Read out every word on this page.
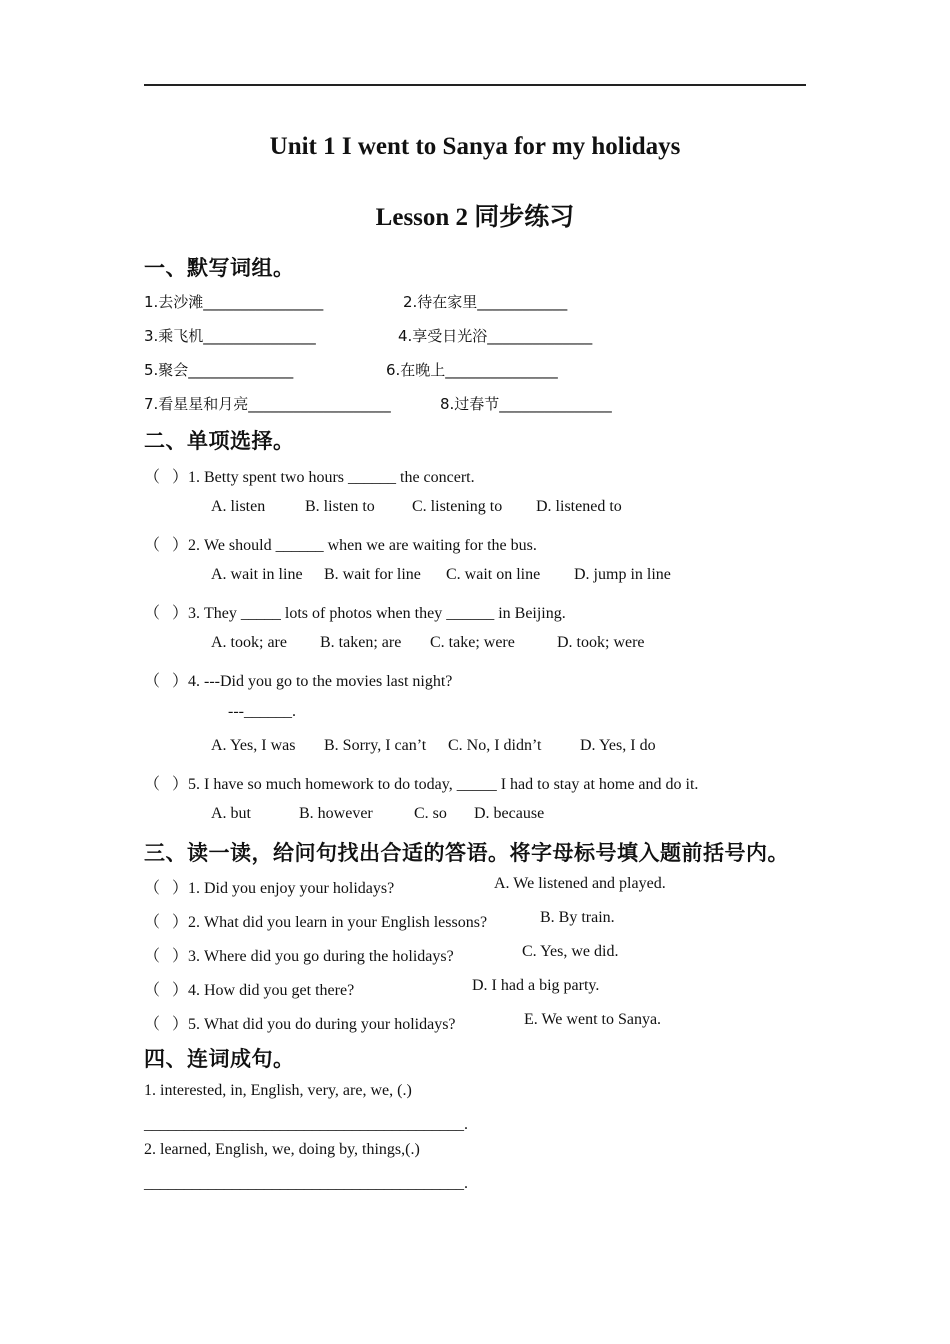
Unit 1 I went to Sanya for my holidays
Lesson 2 同步练习
一、默写词组。
1.去沙滩________________	2.待在家里____________
3.乘飞机_______________	4.享受日光浴______________
5.聚会______________	6.在晚上_______________
7.看星星和月亮___________________	8.过春节_______________
二、单项选择。
（   ）1. Betty spent two hours ______ the concert.
A. listen B. listen to C. listening to D. listened to
（   ）2. We should ______ when we are waiting for the bus.
A. wait in line B. wait for line C. wait on line D. jump in line
（   ）3. They _____ lots of photos when they ______ in Beijing.
A. took; are B. taken; are C. take; were	D. took; were
（   ）4. ---Did you go to the movies last night?
---______.
A. Yes, I was B. Sorry, I can’t C. No, I didn’t D. Yes, I do
（   ）5. I have so much homework to do today, _____ I had to stay at home and do it.
A. but	B. however	C. so D. because
三、读一读，给问句找出合适的答语。将字母标号填入题前括号内。
（   ）1. Did you enjoy your holidays?	A. We listened and played.
（   ）2. What did you learn in your English lessons?	B. By train.
（   ）3. Where did you go during the holidays?	C. Yes, we did.
（   ）4. How did you get there?	D. I had a big party.
（   ）5. What did you do during your holidays?	E. We went to Sanya.
四、连词成句。
1. interested, in, English, very, are, we, (.)
________________________________________.
2. learned, English, we, doing by, things,(.)
________________________________________.
